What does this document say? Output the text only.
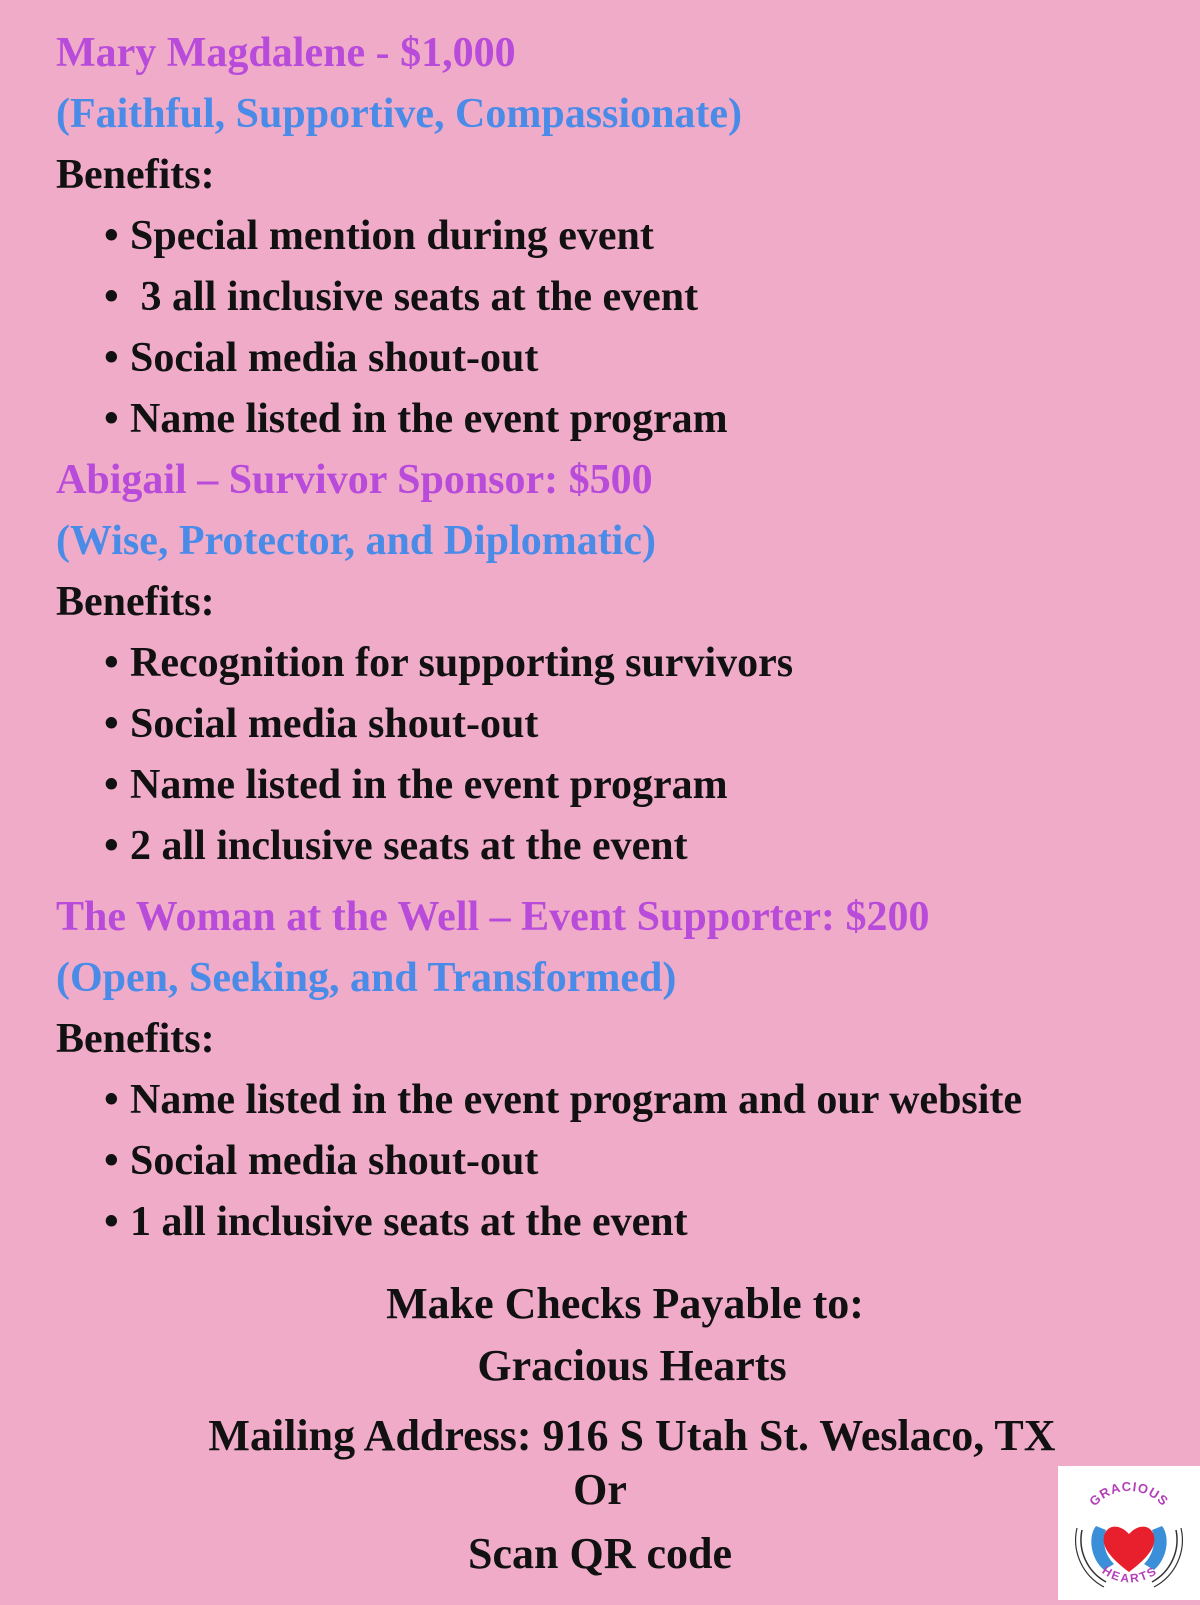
Mary Magdalene - $1,000
(Faithful, Supportive, Compassionate)
Benefits:
• Special mention during event
• 3 all inclusive seats at the event
• Social media shout-out
• Name listed in the event program
Abigail – Survivor Sponsor: $500
(Wise, Protector, and Diplomatic)
Benefits:
• Recognition for supporting survivors
• Social media shout-out
• Name listed in the event program
• 2 all inclusive seats at the event
The Woman at the Well – Event Supporter: $200
(Open, Seeking, and Transformed)
Benefits:
• Name listed in the event program and our website
• Social media shout-out
• 1 all inclusive seats at the event
Make Checks Payable to:
Gracious Hearts
Mailing Address: 916 S Utah St. Weslaco, TX
Or
Scan QR code
GRACIOUS
HEARTS
